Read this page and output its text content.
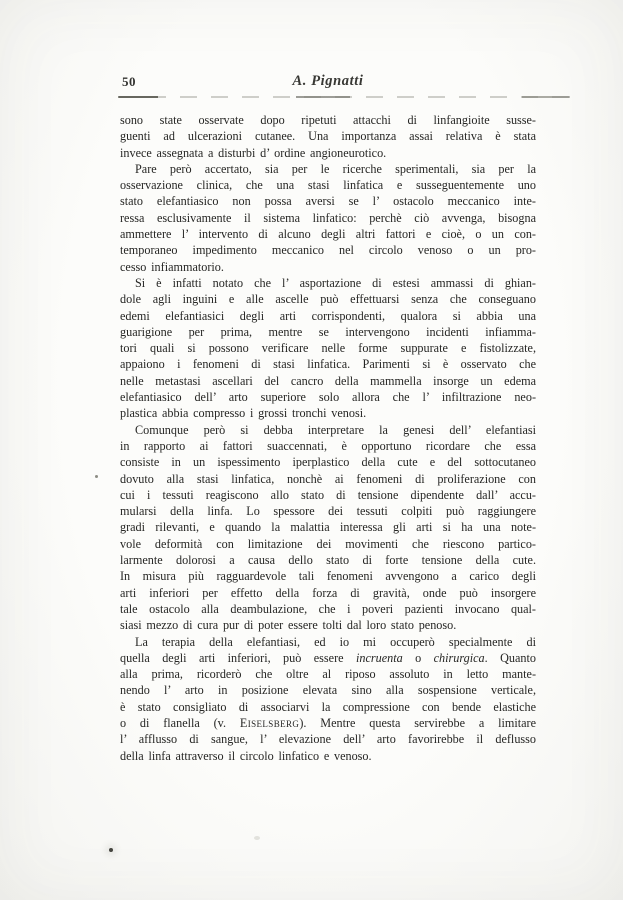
50	A. Pignatti
sono state osservate dopo ripetuti attacchi di linfangioite susse-
guenti ad ulcerazioni cutanee. Una importanza assai relativa è stata
invece assegnata a disturbi d’ ordine angioneurotico.
Pare però accertato, sia per le ricerche sperimentali, sia per la
osservazione clinica, che una stasi linfatica e susseguentemente uno
stato elefantiasico non possa aversi se l’ ostacolo meccanico inte-
ressa esclusivamente il sistema linfatico: perchè ciò avvenga, bisogna
ammettere l’ intervento di alcuno degli altri fattori e cioè, o un con-
temporaneo impedimento meccanico nel circolo venoso o un pro-
cesso infiammatorio.
Si è infatti notato che l’ asportazione di estesi ammassi di ghian-
dole agli inguini e alle ascelle può effettuarsi senza che conseguano
edemi elefantiasici degli arti corrispondenti, qualora si abbia una
guarigione per prima, mentre se intervengono incidenti infiamma-
tori quali si possono verificare nelle forme suppurate e fistolizzate,
appaiono i fenomeni di stasi linfatica. Parimenti si è osservato che
nelle metastasi ascellari del cancro della mammella insorge un edema
elefantiasico dell’ arto superiore solo allora che l’ infiltrazione neo-
plastica abbia compresso i grossi tronchi venosi.
Comunque però si debba interpretare la genesi dell’ elefantiasi
in rapporto ai fattori suaccennati, è opportuno ricordare che essa
consiste in un ispessimento iperplastico della cute e del sottocutaneo
dovuto alla stasi linfatica, nonchè ai fenomeni di proliferazione con
cui i tessuti reagiscono allo stato di tensione dipendente dall’ accu-
mularsi della linfa. Lo spessore dei tessuti colpiti può raggiungere
gradi rilevanti, e quando la malattia interessa gli arti si ha una note-
vole deformità con limitazione dei movimenti che riescono partico-
larmente dolorosi a causa dello stato di forte tensione della cute.
In misura più ragguardevole tali fenomeni avvengono a carico degli
arti inferiori per effetto della forza di gravità, onde può insorgere
tale ostacolo alla deambulazione, che i poveri pazienti invocano qual-
siasi mezzo di cura pur di poter essere tolti dal loro stato penoso.
La terapia della elefantiasi, ed io mi occuperò specialmente di
quella degli arti inferiori, può essere incruenta o chirurgica. Quanto
alla prima, ricorderò che oltre al riposo assoluto in letto mante-
nendo l’ arto in posizione elevata sino alla sospensione verticale,
è stato consigliato di associarvi la compressione con bende elastiche
o di flanella (v. Eiselsberg). Mentre questa servirebbe a limitare
l’ afflusso di sangue, l’ elevazione dell’ arto favorirebbe il deflusso
della linfa attraverso il circolo linfatico e venoso.
